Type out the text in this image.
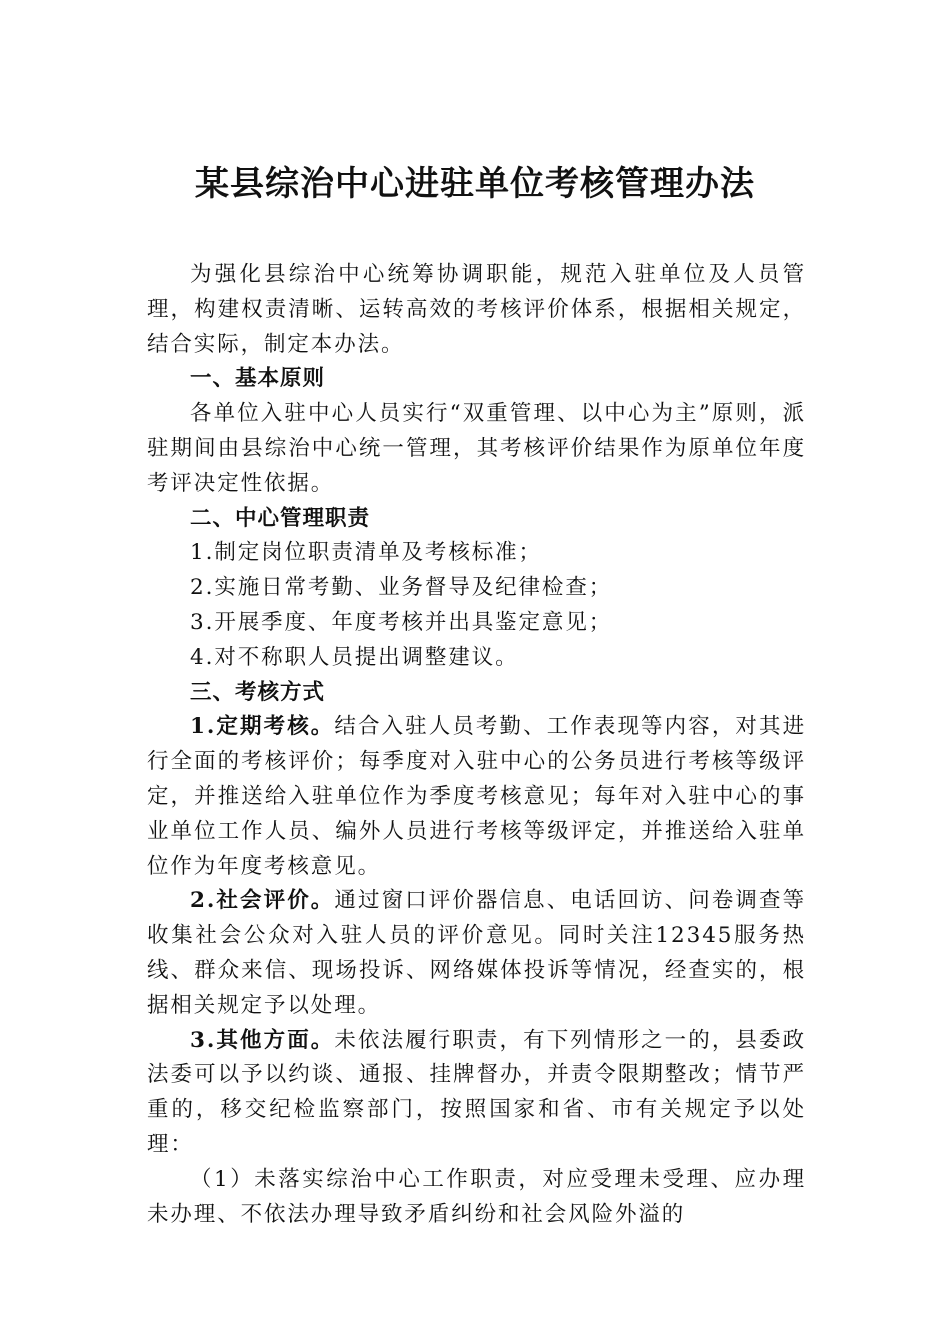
某县综治中心进驻单位考核管理办法

为强化县综治中心统筹协调职能，规范入驻单位及人员管理，构建权责清晰、运转高效的考核评价体系，根据相关规定，结合实际，制定本办法。

一、基本原则

各单位入驻中心人员实行“双重管理、以中心为主”原则，派驻期间由县综治中心统一管理，其考核评价结果作为原单位年度考评决定性依据。

二、中心管理职责

1.制定岗位职责清单及考核标准；

2.实施日常考勤、业务督导及纪律检查；

3.开展季度、年度考核并出具鉴定意见；

4.对不称职人员提出调整建议。

三、考核方式

1.定期考核。结合入驻人员考勤、工作表现等内容，对其进行全面的考核评价；每季度对入驻中心的公务员进行考核等级评定，并推送给入驻单位作为季度考核意见；每年对入驻中心的事业单位工作人员、编外人员进行考核等级评定，并推送给入驻单位作为年度考核意见。

2.社会评价。通过窗口评价器信息、电话回访、问卷调查等收集社会公众对入驻人员的评价意见。同时关注12345服务热线、群众来信、现场投诉、网络媒体投诉等情况，经查实的，根据相关规定予以处理。

3.其他方面。未依法履行职责，有下列情形之一的，县委政法委可以予以约谈、通报、挂牌督办，并责令限期整改；情节严重的，移交纪检监察部门，按照国家和省、市有关规定予以处理：

（1）未落实综治中心工作职责，对应受理未受理、应办理未办理、不依法办理导致矛盾纠纷和社会风险外溢的
